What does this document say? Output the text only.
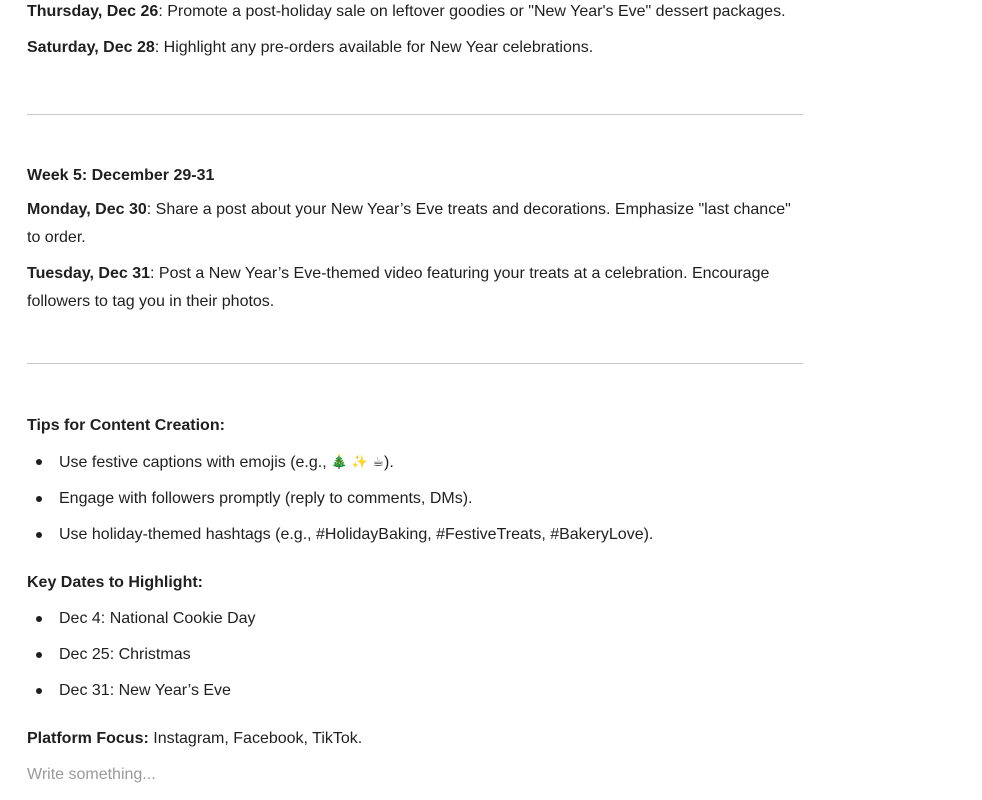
Thursday, Dec 26: Promote a post-holiday sale on leftover goodies or "New Year's Eve" dessert packages.

Saturday, Dec 28: Highlight any pre-orders available for New Year celebrations.

Week 5: December 29-31

Monday, Dec 30: Share a post about your New Year’s Eve treats and decorations. Emphasize "last chance" to order.

Tuesday, Dec 31: Post a New Year’s Eve-themed video featuring your treats at a celebration. Encourage followers to tag you in their photos.

Tips for Content Creation:

Use festive captions with emojis (e.g., 🎄 ✨ ☕).
Engage with followers promptly (reply to comments, DMs).
Use holiday-themed hashtags (e.g., #HolidayBaking, #FestiveTreats, #BakeryLove).

Key Dates to Highlight:

Dec 4: National Cookie Day
Dec 25: Christmas
Dec 31: New Year’s Eve

Platform Focus: Instagram, Facebook, TikTok.

Write something...
